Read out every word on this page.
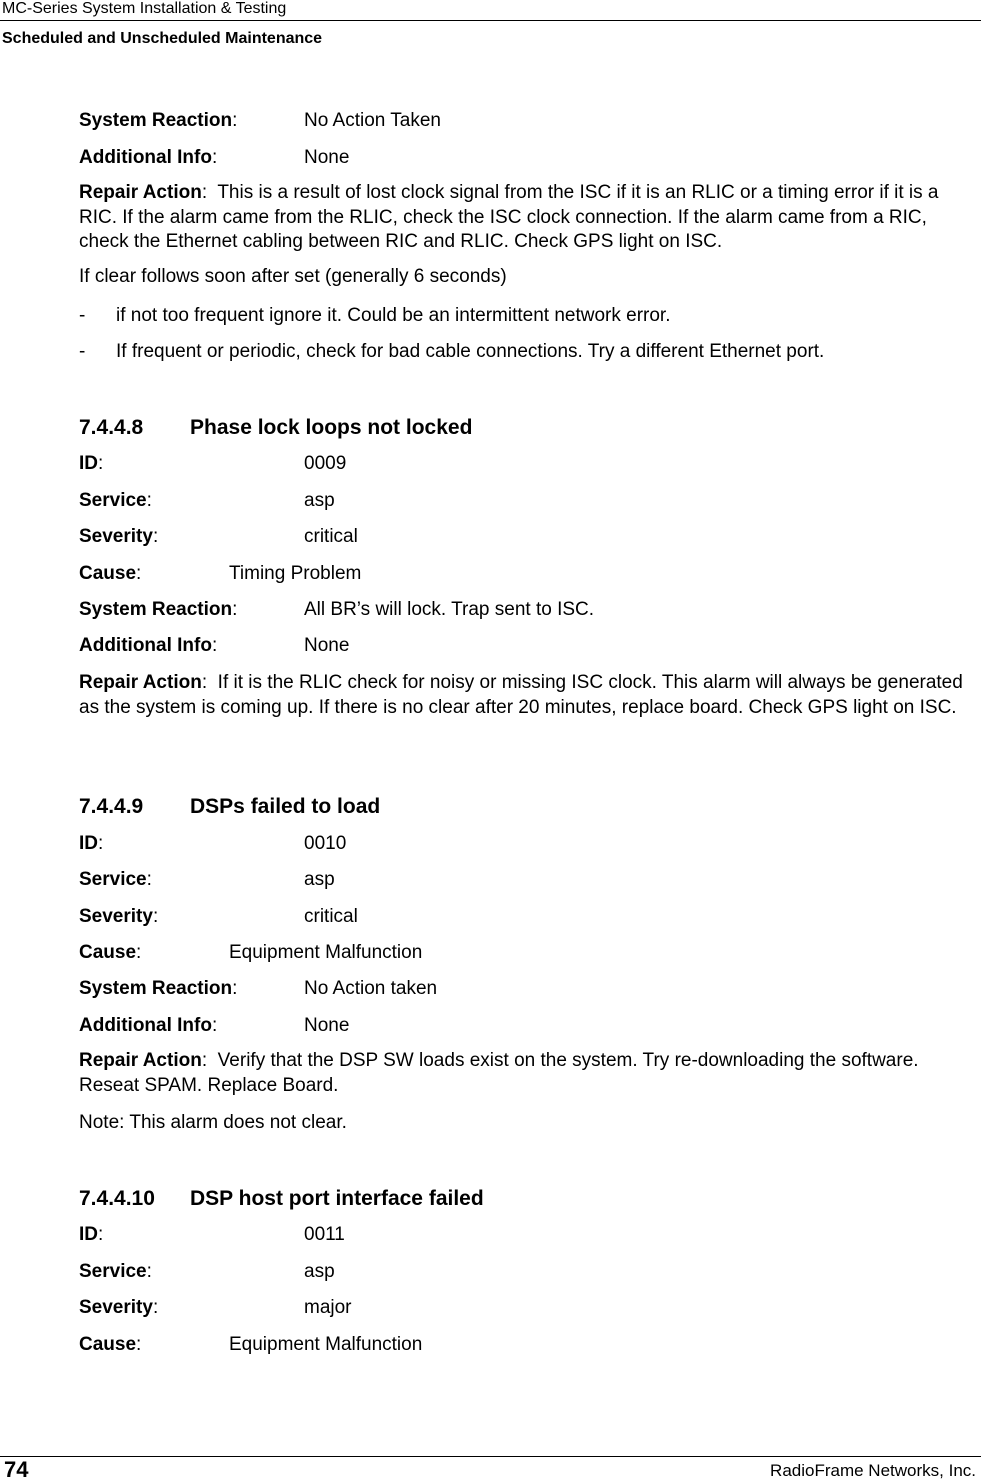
MC-Series System Installation & Testing
Scheduled and Unscheduled Maintenance
System Reaction:	No Action Taken
Additional Info:	None
Repair Action:  This is a result of lost clock signal from the ISC if it is an RLIC or a timing error if it is a RIC. If the alarm came from the RLIC, check the ISC clock connection. If the alarm came from a RIC, check the Ethernet cabling between RIC and RLIC. Check GPS light on ISC.
If clear follows soon after set (generally 6 seconds)
- if not too frequent ignore it. Could be an intermittent network error.
- If frequent or periodic, check for bad cable connections. Try a different Ethernet port.
7.4.4.8 Phase lock loops not locked
ID:	0009
Service:	asp
Severity:	critical
Cause:	Timing Problem
System Reaction:	All BR’s will lock. Trap sent to ISC.
Additional Info:	None
Repair Action:  If it is the RLIC check for noisy or missing ISC clock. This alarm will always be generated as the system is coming up. If there is no clear after 20 minutes, replace board. Check GPS light on ISC.
7.4.4.9 DSPs failed to load
ID:	0010
Service:	asp
Severity:	critical
Cause:	Equipment Malfunction
System Reaction:	No Action taken
Additional Info:	None
Repair Action:  Verify that the DSP SW loads exist on the system. Try re-downloading the software. Reseat SPAM. Replace Board.
Note: This alarm does not clear.
7.4.4.10 DSP host port interface failed
ID:	0011
Service:	asp
Severity:	major
Cause:	Equipment Malfunction
74	RadioFrame Networks, Inc.
